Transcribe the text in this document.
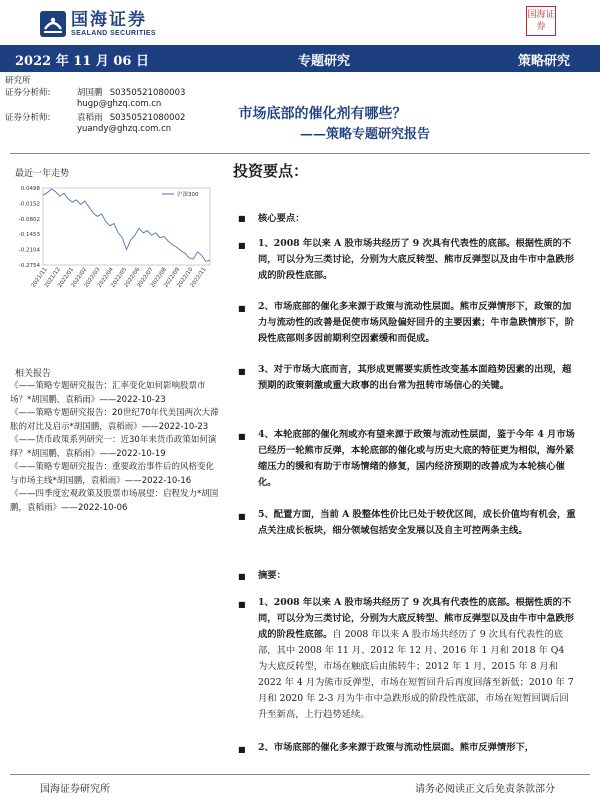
国海证券
SEALAND SECURITIES
国海证券
2022 年 11 月 06 日	专题研究	策略研究
研究所
证券分析师:	胡国鹏 S0350521080003
hugp@ghzq.com.cn
证券分析师:	袁稻雨 S0350521080002
yuandy@ghzq.com.cn
市场底部的催化剂有哪些？
——策略专题研究报告
最近一年走势
0.0498
-0.0152
-0.0802
-0.1453
-0.2104
-0.2754
2021/11
2021/12
2022/01
2022/02
2022/03
2022/04
2022/05
2022/06
2022/07
2022/08
2022/09
2022/10
2022/11
沪深300
相关报告
《——策略专题研究报告：汇率变化如何影响股票市场？*胡国鹏，袁稻雨》——2022-10-23
《——策略专题研究报告：20世纪70年代美国两次大滞胀的对比及启示*胡国鹏，袁稻雨》——2022-10-23
《——货币政策系列研究一：近30年来货币政策如何演绎？*胡国鹏，袁稻雨》——2022-10-19
《——策略专题研究报告：重要政治事件后的风格变化与市场主线*胡国鹏，袁稻雨》——2022-10-16
《——四季度宏观政策及股票市场展望：启程发力*胡国鹏，袁稻雨》——2022-10-06
投资要点：
■ 核心要点：
■ 1、2008 年以来 A 股市场共经历了 9 次具有代表性的底部。根据性质的不同，可以分为三类讨论，分别为大底反转型、熊市反弹型以及由牛市中急跌形成的阶段性底部。
■ 2、市场底部的催化多来源于政策与流动性层面。熊市反弹情形下，政策的加力与流动性的改善是促使市场风险偏好回升的主要因素；牛市急跌情形下，阶段性底部则多因前期利空因素缓和而促成。
■ 3、对于市场大底而言，其形成更需要实质性改变基本面趋势因素的出现，超预期的政策刺激或重大政事的出台常为扭转市场信心的关键。
■ 4、本轮底部的催化剂或亦有望来源于政策与流动性层面，鉴于今年 4 月市场已经历一轮熊市反弹，本轮底部的催化或与历史大底的特征更为相似，海外紧缩压力的缓和有助于市场情绪的修复，国内经济预期的改善成为本轮核心催化。
■ 5、配置方面，当前 A 股整体性价比已处于较优区间，成长价值均有机会，重点关注成长板块，细分领域包括安全发展以及自主可控两条主线。
■ 摘要：
■ 1、2008 年以来 A 股市场共经历了 9 次具有代表性的底部。根据性质的不同，可以分为三类讨论，分别为大底反转型、熊市反弹型以及由牛市中急跌形成的阶段性底部。自 2008 年以来 A 股市场共经历了 9 次具有代表性的底部，其中 2008 年 11 月、2012 年 12 月、2016 年 1 月和 2018 年 Q4 为大底反转型，市场在触底后由熊转牛；2012 年 1 月、2015 年 8 月和 2022 年 4 月为熊市反弹型，市场在短暂回升后再度回落至新低；2010 年 7 月和 2020 年 2-3 月为牛市中急跌形成的阶段性底部，市场在短暂回调后回升至新高，上行趋势延续。
■ 2、市场底部的催化多来源于政策与流动性层面。熊市反弹情形下，
国海证券研究所	请务必阅读正文后免责条款部分
